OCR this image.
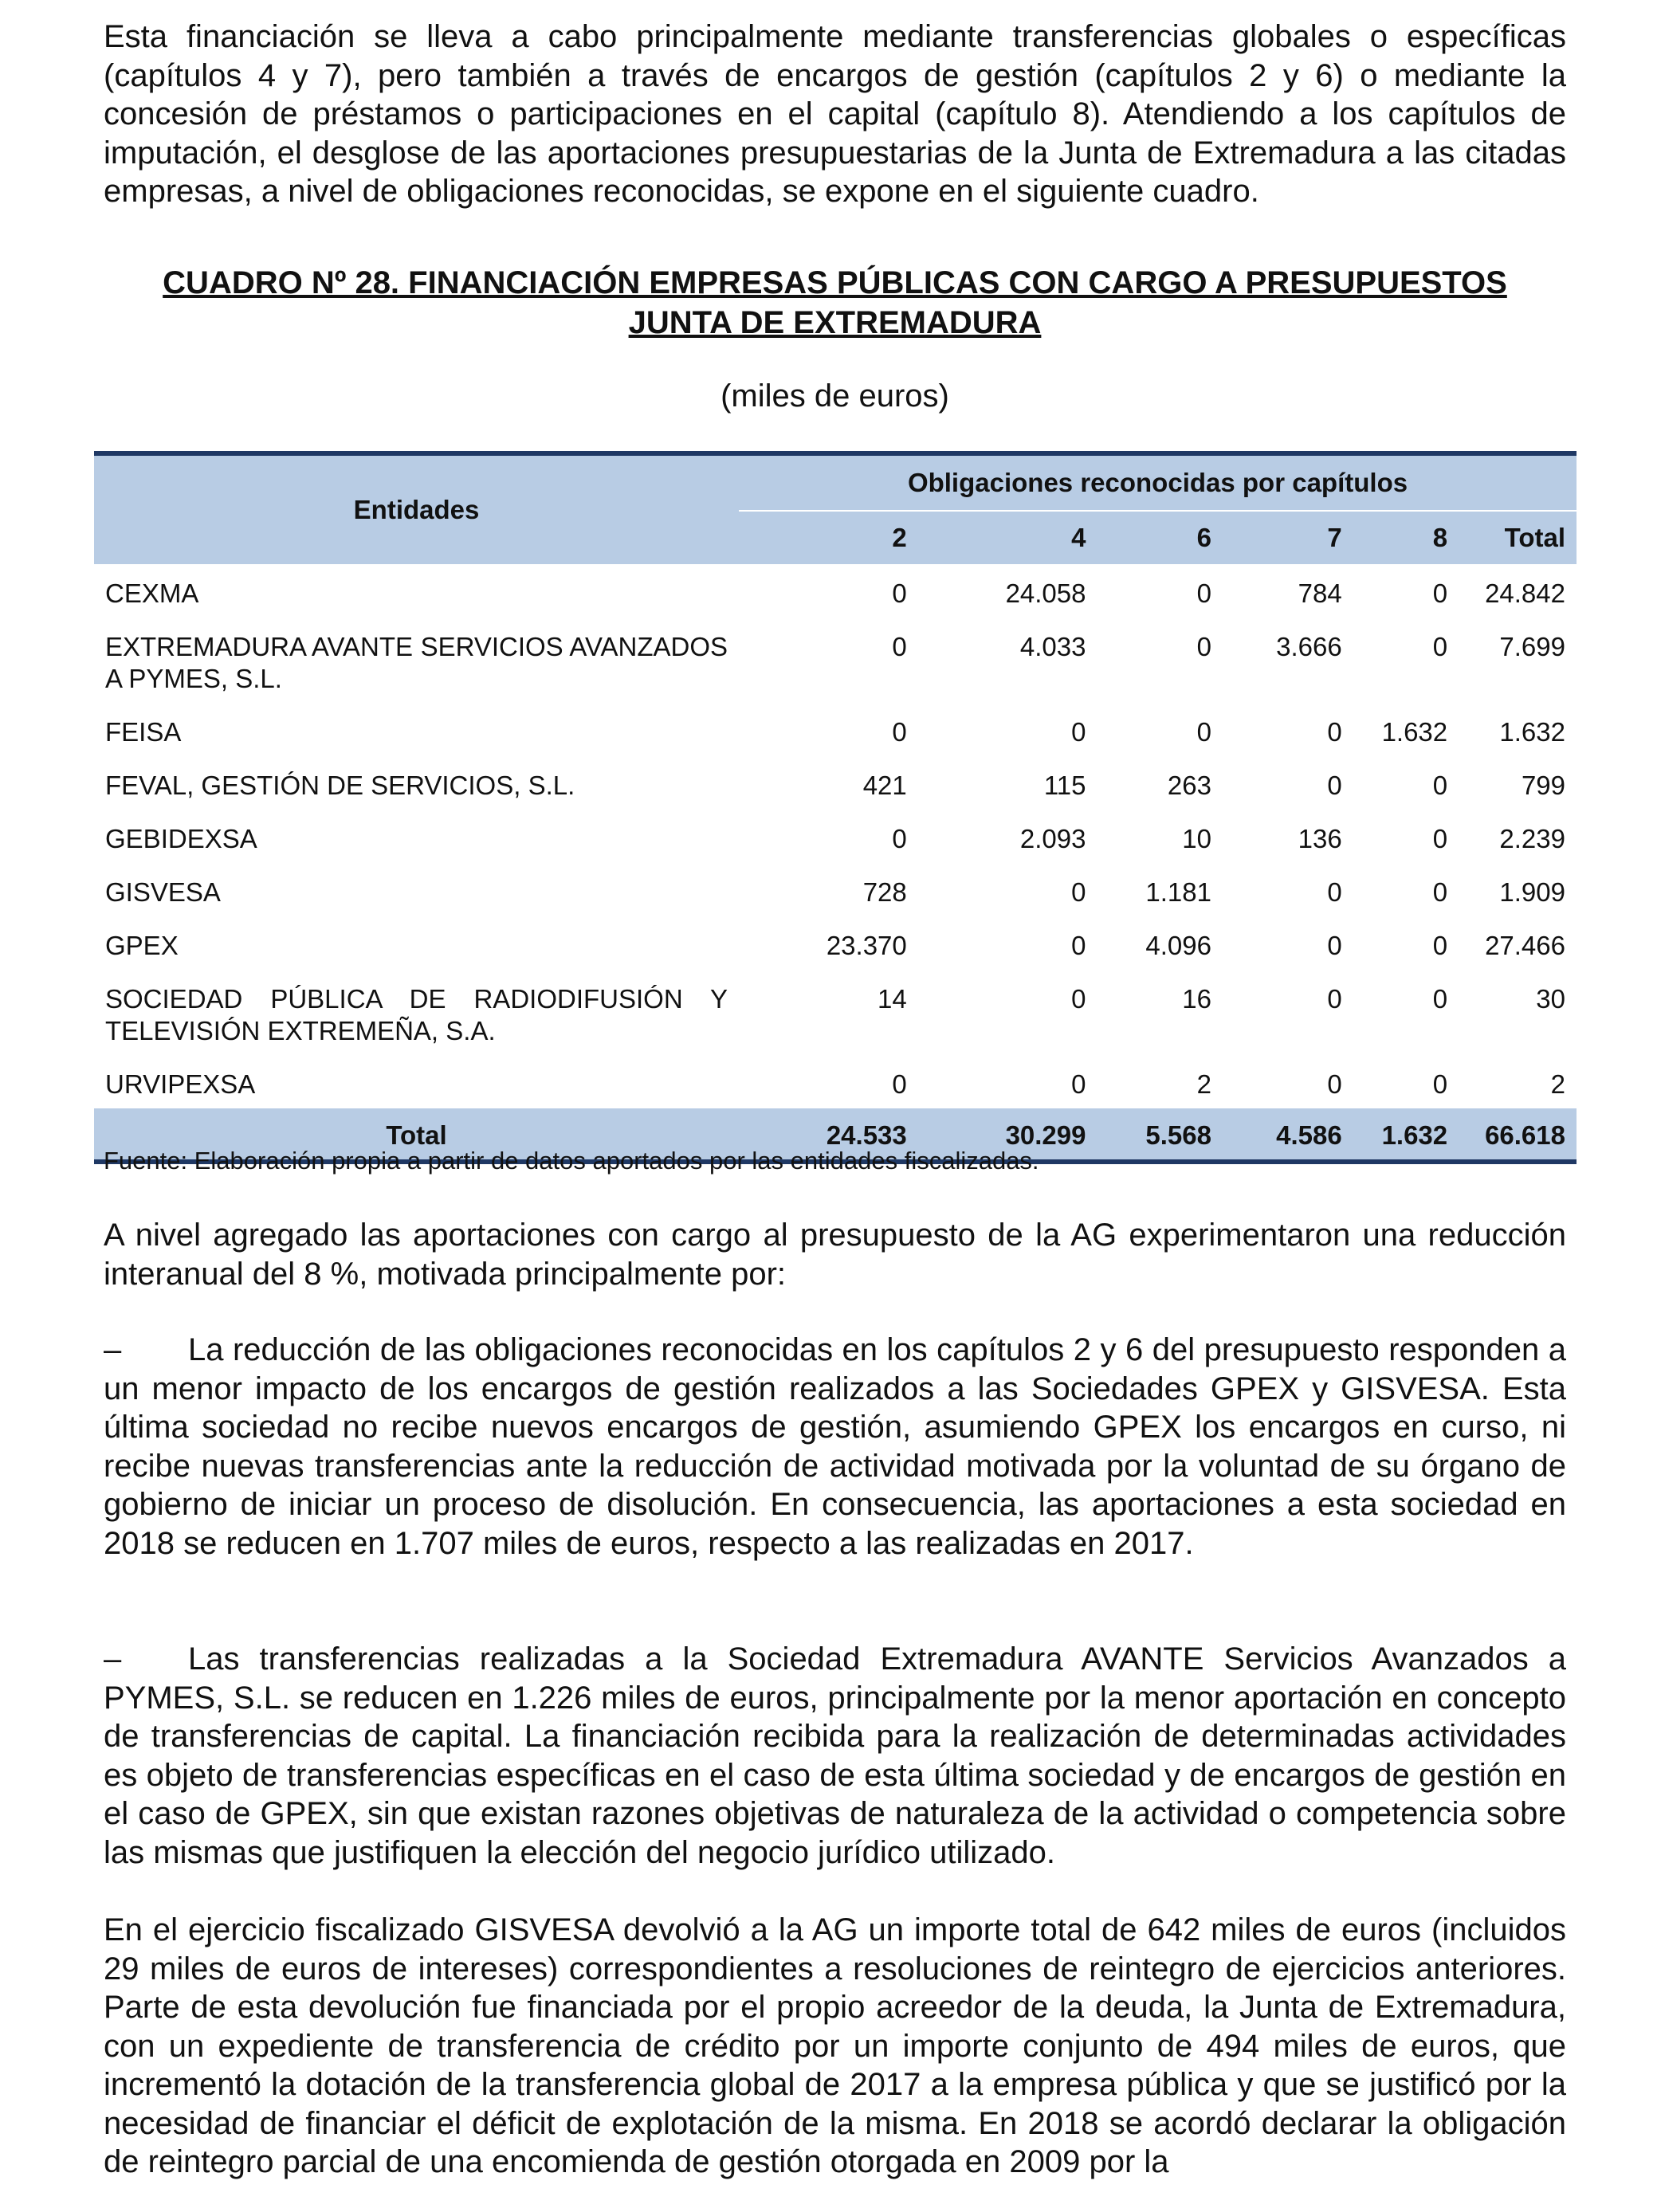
Esta financiación se lleva a cabo principalmente mediante transferencias globales o específicas (capítulos 4 y 7), pero también a través de encargos de gestión (capítulos 2 y 6) o mediante la concesión de préstamos o participaciones en el capital (capítulo 8). Atendiendo a los capítulos de imputación, el desglose de las aportaciones presupuestarias de la Junta de Extremadura a las citadas empresas, a nivel de obligaciones reconocidas, se expone en el siguiente cuadro.

CUADRO Nº 28. FINANCIACIÓN EMPRESAS PÚBLICAS CON CARGO A PRESUPUESTOS
JUNTA DE EXTREMADURA

(miles de euros)

Entidades	Obligaciones reconocidas por capítulos					
	2	4	6	7	8	Total
CEXMA	0	24.058	0	784	0	24.842
EXTREMADURA AVANTE SERVICIOS AVANZADOS A PYMES, S.L.	0	4.033	0	3.666	0	7.699
FEISA	0	0	0	0	1.632	1.632
FEVAL, GESTIÓN DE SERVICIOS, S.L.	421	115	263	0	0	799
GEBIDEXSA	0	2.093	10	136	0	2.239
GISVESA	728	0	1.181	0	0	1.909
GPEX	23.370	0	4.096	0	0	27.466
SOCIEDAD PÚBLICA DE RADIODIFUSIÓN Y TELEVISIÓN EXTREMEÑA, S.A.	14	0	16	0	0	30
URVIPEXSA	0	0	2	0	0	2
Total	24.533	30.299	5.568	4.586	1.632	66.618

Fuente: Elaboración propia a partir de datos aportados por las entidades fiscalizadas.

A nivel agregado las aportaciones con cargo al presupuesto de la AG experimentaron una reducción interanual del 8 %, motivada principalmente por:

– La reducción de las obligaciones reconocidas en los capítulos 2 y 6 del presupuesto responden a un menor impacto de los encargos de gestión realizados a las Sociedades GPEX y GISVESA. Esta última sociedad no recibe nuevos encargos de gestión, asumiendo GPEX los encargos en curso, ni recibe nuevas transferencias ante la reducción de actividad motivada por la voluntad de su órgano de gobierno de iniciar un proceso de disolución. En consecuencia, las aportaciones a esta sociedad en 2018 se reducen en 1.707 miles de euros, respecto a las realizadas en 2017.

– Las transferencias realizadas a la Sociedad Extremadura AVANTE Servicios Avanzados a PYMES, S.L. se reducen en 1.226 miles de euros, principalmente por la menor aportación en concepto de transferencias de capital. La financiación recibida para la realización de determinadas actividades es objeto de transferencias específicas en el caso de esta última sociedad y de encargos de gestión en el caso de GPEX, sin que existan razones objetivas de naturaleza de la actividad o competencia sobre las mismas que justifiquen la elección del negocio jurídico utilizado.

En el ejercicio fiscalizado GISVESA devolvió a la AG un importe total de 642 miles de euros (incluidos 29 miles de euros de intereses) correspondientes a resoluciones de reintegro de ejercicios anteriores. Parte de esta devolución fue financiada por el propio acreedor de la deuda, la Junta de Extremadura, con un expediente de transferencia de crédito por un importe conjunto de 494 miles de euros, que incrementó la dotación de la transferencia global de 2017 a la empresa pública y que se justificó por la necesidad de financiar el déficit de explotación de la misma. En 2018 se acordó declarar la obligación de reintegro parcial de una encomienda de gestión otorgada en 2009 por la
